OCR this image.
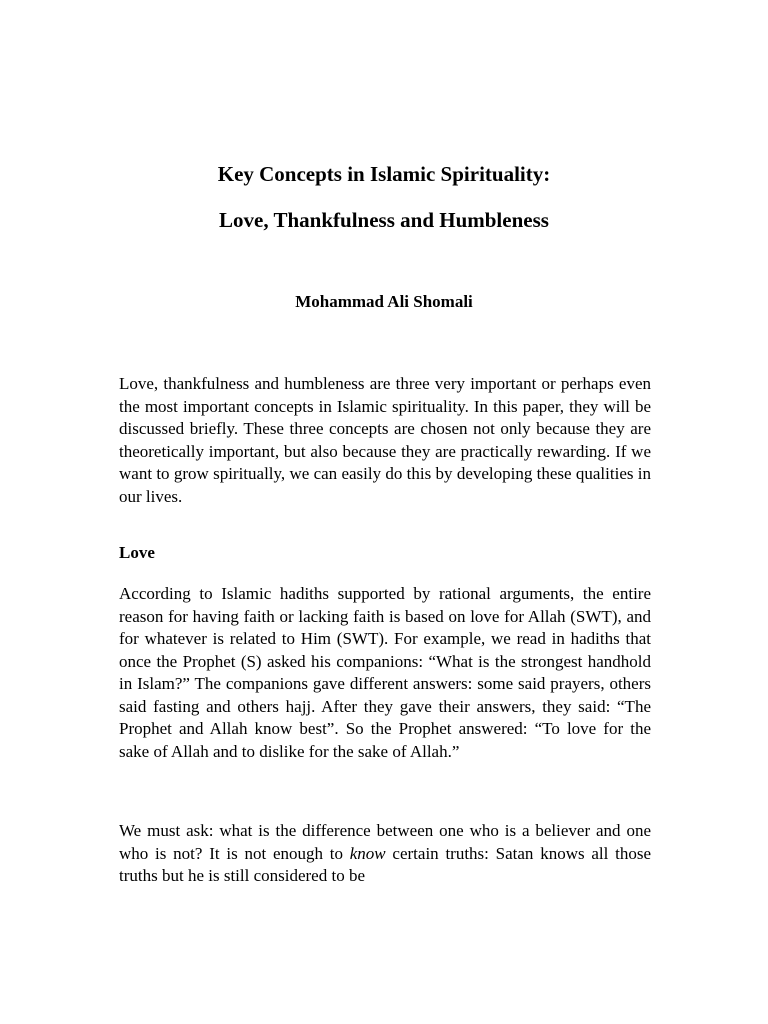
Key Concepts in Islamic Spirituality:
Love, Thankfulness and Humbleness

Mohammad Ali Shomali

Love, thankfulness and humbleness are three very important or perhaps even the most important concepts in Islamic spirituality. In this paper, they will be discussed briefly. These three concepts are chosen not only because they are theoretically important, but also because they are practically rewarding. If we want to grow spiritually, we can easily do this by developing these qualities in our lives.

Love

According to Islamic hadiths supported by rational arguments, the entire reason for having faith or lacking faith is based on love for Allah (SWT), and for whatever is related to Him (SWT). For example, we read in hadiths that once the Prophet (S) asked his companions: “What is the strongest handhold in Islam?” The companions gave different answers: some said prayers, others said fasting and others hajj. After they gave their answers, they said: “The Prophet and Allah know best”. So the Prophet answered: “To love for the sake of Allah and to dislike for the sake of Allah.”

We must ask: what is the difference between one who is a believer and one who is not? It is not enough to know certain truths: Satan knows all those truths but he is still considered to be
